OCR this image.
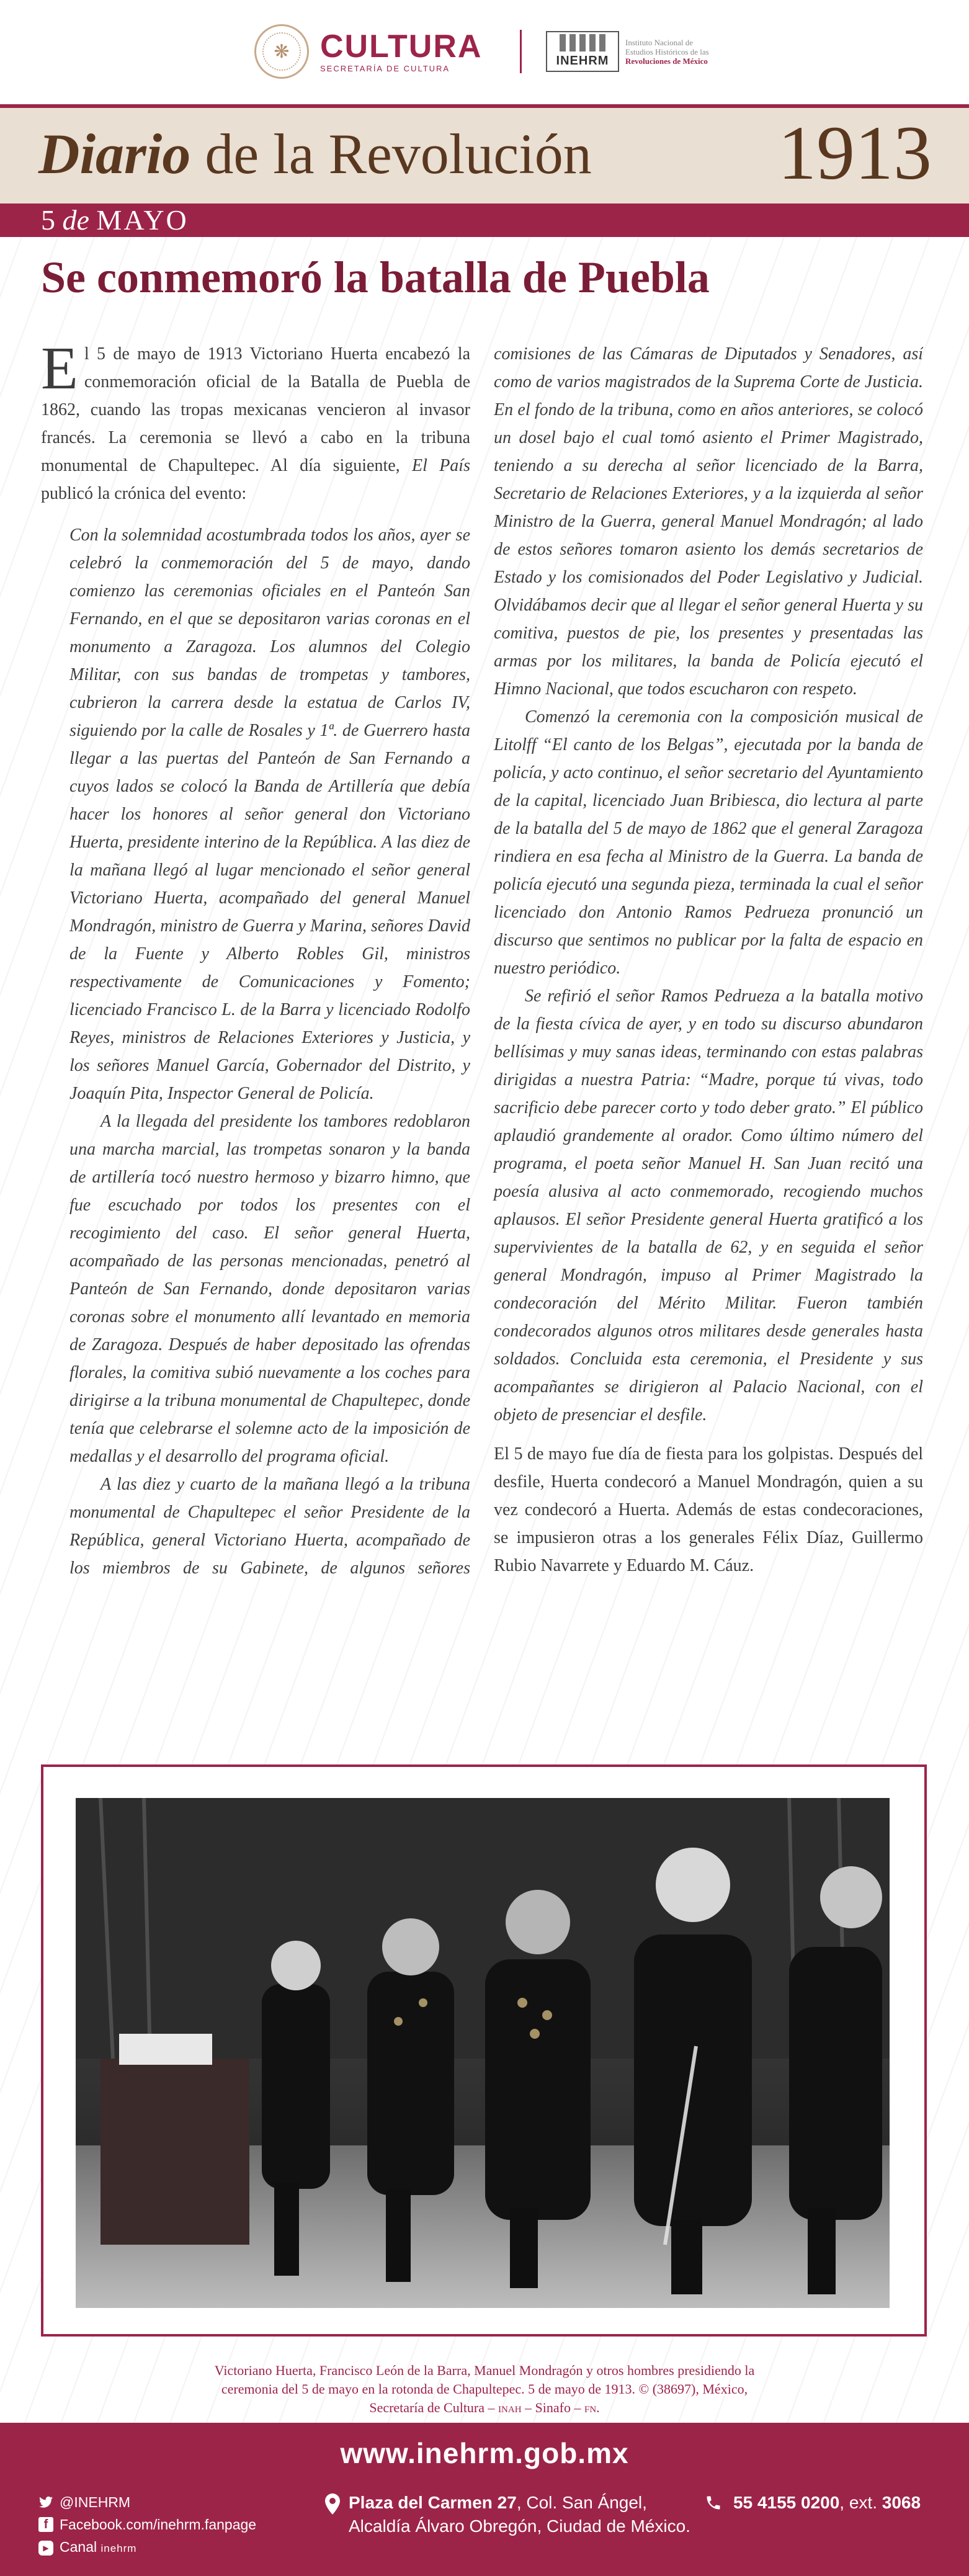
❋ CULTURA
SECRETARÍA DE CULTURA
INEHRM
Instituto Nacional de
Estudios Históricos de las
Revoluciones de México
Diario de la Revolución 1913
5 de MAYO
Se conmemoró la batalla de Puebla

El 5 de mayo de 1913 Victoriano Huerta encabezó la conmemoración oficial de la Batalla de Puebla de 1862, cuando las tropas mexicanas vencieron al invasor francés. La ceremonia se llevó a cabo en la tribuna monumental de Chapultepec. Al día siguiente, El País publicó la crónica del evento:

Con la solemnidad acostumbrada todos los años, ayer se celebró la conmemoración del 5 de mayo, dando comienzo las ceremonias oficiales en el Panteón San Fernando, en el que se depositaron varias coronas en el monumento a Zaragoza. Los alumnos del Colegio Militar, con sus bandas de trompetas y tambores, cubrieron la carrera desde la estatua de Carlos IV, siguiendo por la calle de Rosales y 1ª. de Guerrero hasta llegar a las puertas del Panteón de San Fernando a cuyos lados se colocó la Banda de Artillería que debía hacer los honores al señor general don Victoriano Huerta, presidente interino de la República. A las diez de la mañana llegó al lugar mencionado el señor general Victoriano Huerta, acompañado del general Manuel Mondragón, ministro de Guerra y Marina, señores David de la Fuente y Alberto Robles Gil, ministros respectivamente de Comunicaciones y Fomento; licenciado Francisco L. de la Barra y licenciado Rodolfo Reyes, ministros de Relaciones Exteriores y Justicia, y los señores Manuel García, Gobernador del Distrito, y Joaquín Pita, Inspector General de Policía.

A la llegada del presidente los tambores redoblaron una marcha marcial, las trompetas sonaron y la banda de artillería tocó nuestro hermoso y bizarro himno, que fue escuchado por todos los presentes con el recogimiento del caso. El señor general Huerta, acompañado de las personas mencionadas, penetró al Panteón de San Fernando, donde depositaron varias coronas sobre el monumento allí levantado en memoria de Zaragoza. Después de haber depositado las ofrendas florales, la comitiva subió nuevamente a los coches para dirigirse a la tribuna monumental de Chapultepec, donde tenía que celebrarse el solemne acto de la imposición de medallas y el desarrollo del programa oficial.

A las diez y cuarto de la mañana llegó a la tribuna monumental de Chapultepec el señor Presidente de la República, general Victoriano Huerta, acompañado de los miembros de su Gabinete, de algunos señores

comisiones de las Cámaras de Diputados y Senadores, así como de varios magistrados de la Suprema Corte de Justicia. En el fondo de la tribuna, como en años anteriores, se colocó un dosel bajo el cual tomó asiento el Primer Magistrado, teniendo a su derecha al señor licenciado de la Barra, Secretario de Relaciones Exteriores, y a la izquierda al señor Ministro de la Guerra, general Manuel Mondragón; al lado de estos señores tomaron asiento los demás secretarios de Estado y los comisionados del Poder Legislativo y Judicial. Olvidábamos decir que al llegar el señor general Huerta y su comitiva, puestos de pie, los presentes y presentadas las armas por los militares, la banda de Policía ejecutó el Himno Nacional, que todos escucharon con respeto.

Comenzó la ceremonia con la composición musical de Litolff “El canto de los Belgas”, ejecutada por la banda de policía, y acto continuo, el señor secretario del Ayuntamiento de la capital, licenciado Juan Bribiesca, dio lectura al parte de la batalla del 5 de mayo de 1862 que el general Zaragoza rindiera en esa fecha al Ministro de la Guerra. La banda de policía ejecutó una segunda pieza, terminada la cual el señor licenciado don Antonio Ramos Pedrueza pronunció un discurso que sentimos no publicar por la falta de espacio en nuestro periódico.

Se refirió el señor Ramos Pedrueza a la batalla motivo de la fiesta cívica de ayer, y en todo su discurso abundaron bellísimas y muy sanas ideas, terminando con estas palabras dirigidas a nuestra Patria: “Madre, porque tú vivas, todo sacrificio debe parecer corto y todo deber grato.” El público aplaudió grandemente al orador. Como último número del programa, el poeta señor Manuel H. San Juan recitó una poesía alusiva al acto conmemorado, recogiendo muchos aplausos. El señor Presidente general Huerta gratificó a los supervivientes de la batalla de 62, y en seguida el señor general Mondragón, impuso al Primer Magistrado la condecoración del Mérito Militar. Fueron también condecorados algunos otros militares desde generales hasta soldados. Concluida esta ceremonia, el Presidente y sus acompañantes se dirigieron al Palacio Nacional, con el objeto de presenciar el desfile.

El 5 de mayo fue día de fiesta para los golpistas. Después del desfile, Huerta condecoró a Manuel Mondragón, quien a su vez condecoró a Huerta. Además de estas condecoraciones, se impusieron otras a los generales Félix Díaz, Guillermo Rubio Navarrete y Eduardo M. Cáuz.

Victoriano Huerta, Francisco León de la Barra, Manuel Mondragón y otros hombres presidiendo la
ceremonia del 5 de mayo en la rotonda de Chapultepec. 5 de mayo de 1913. © (38697), México,
Secretaría de Cultura – inah – Sinafo – fn.
www.inehrm.gob.mx
@INEHRM
f Facebook.com/inehrm.fanpage
▶ Canal inehrm
Plaza del Carmen 27, Col. San Ángel,
Alcaldía Álvaro Obregón, Ciudad de México.
55 4155 0200, ext. 3068
